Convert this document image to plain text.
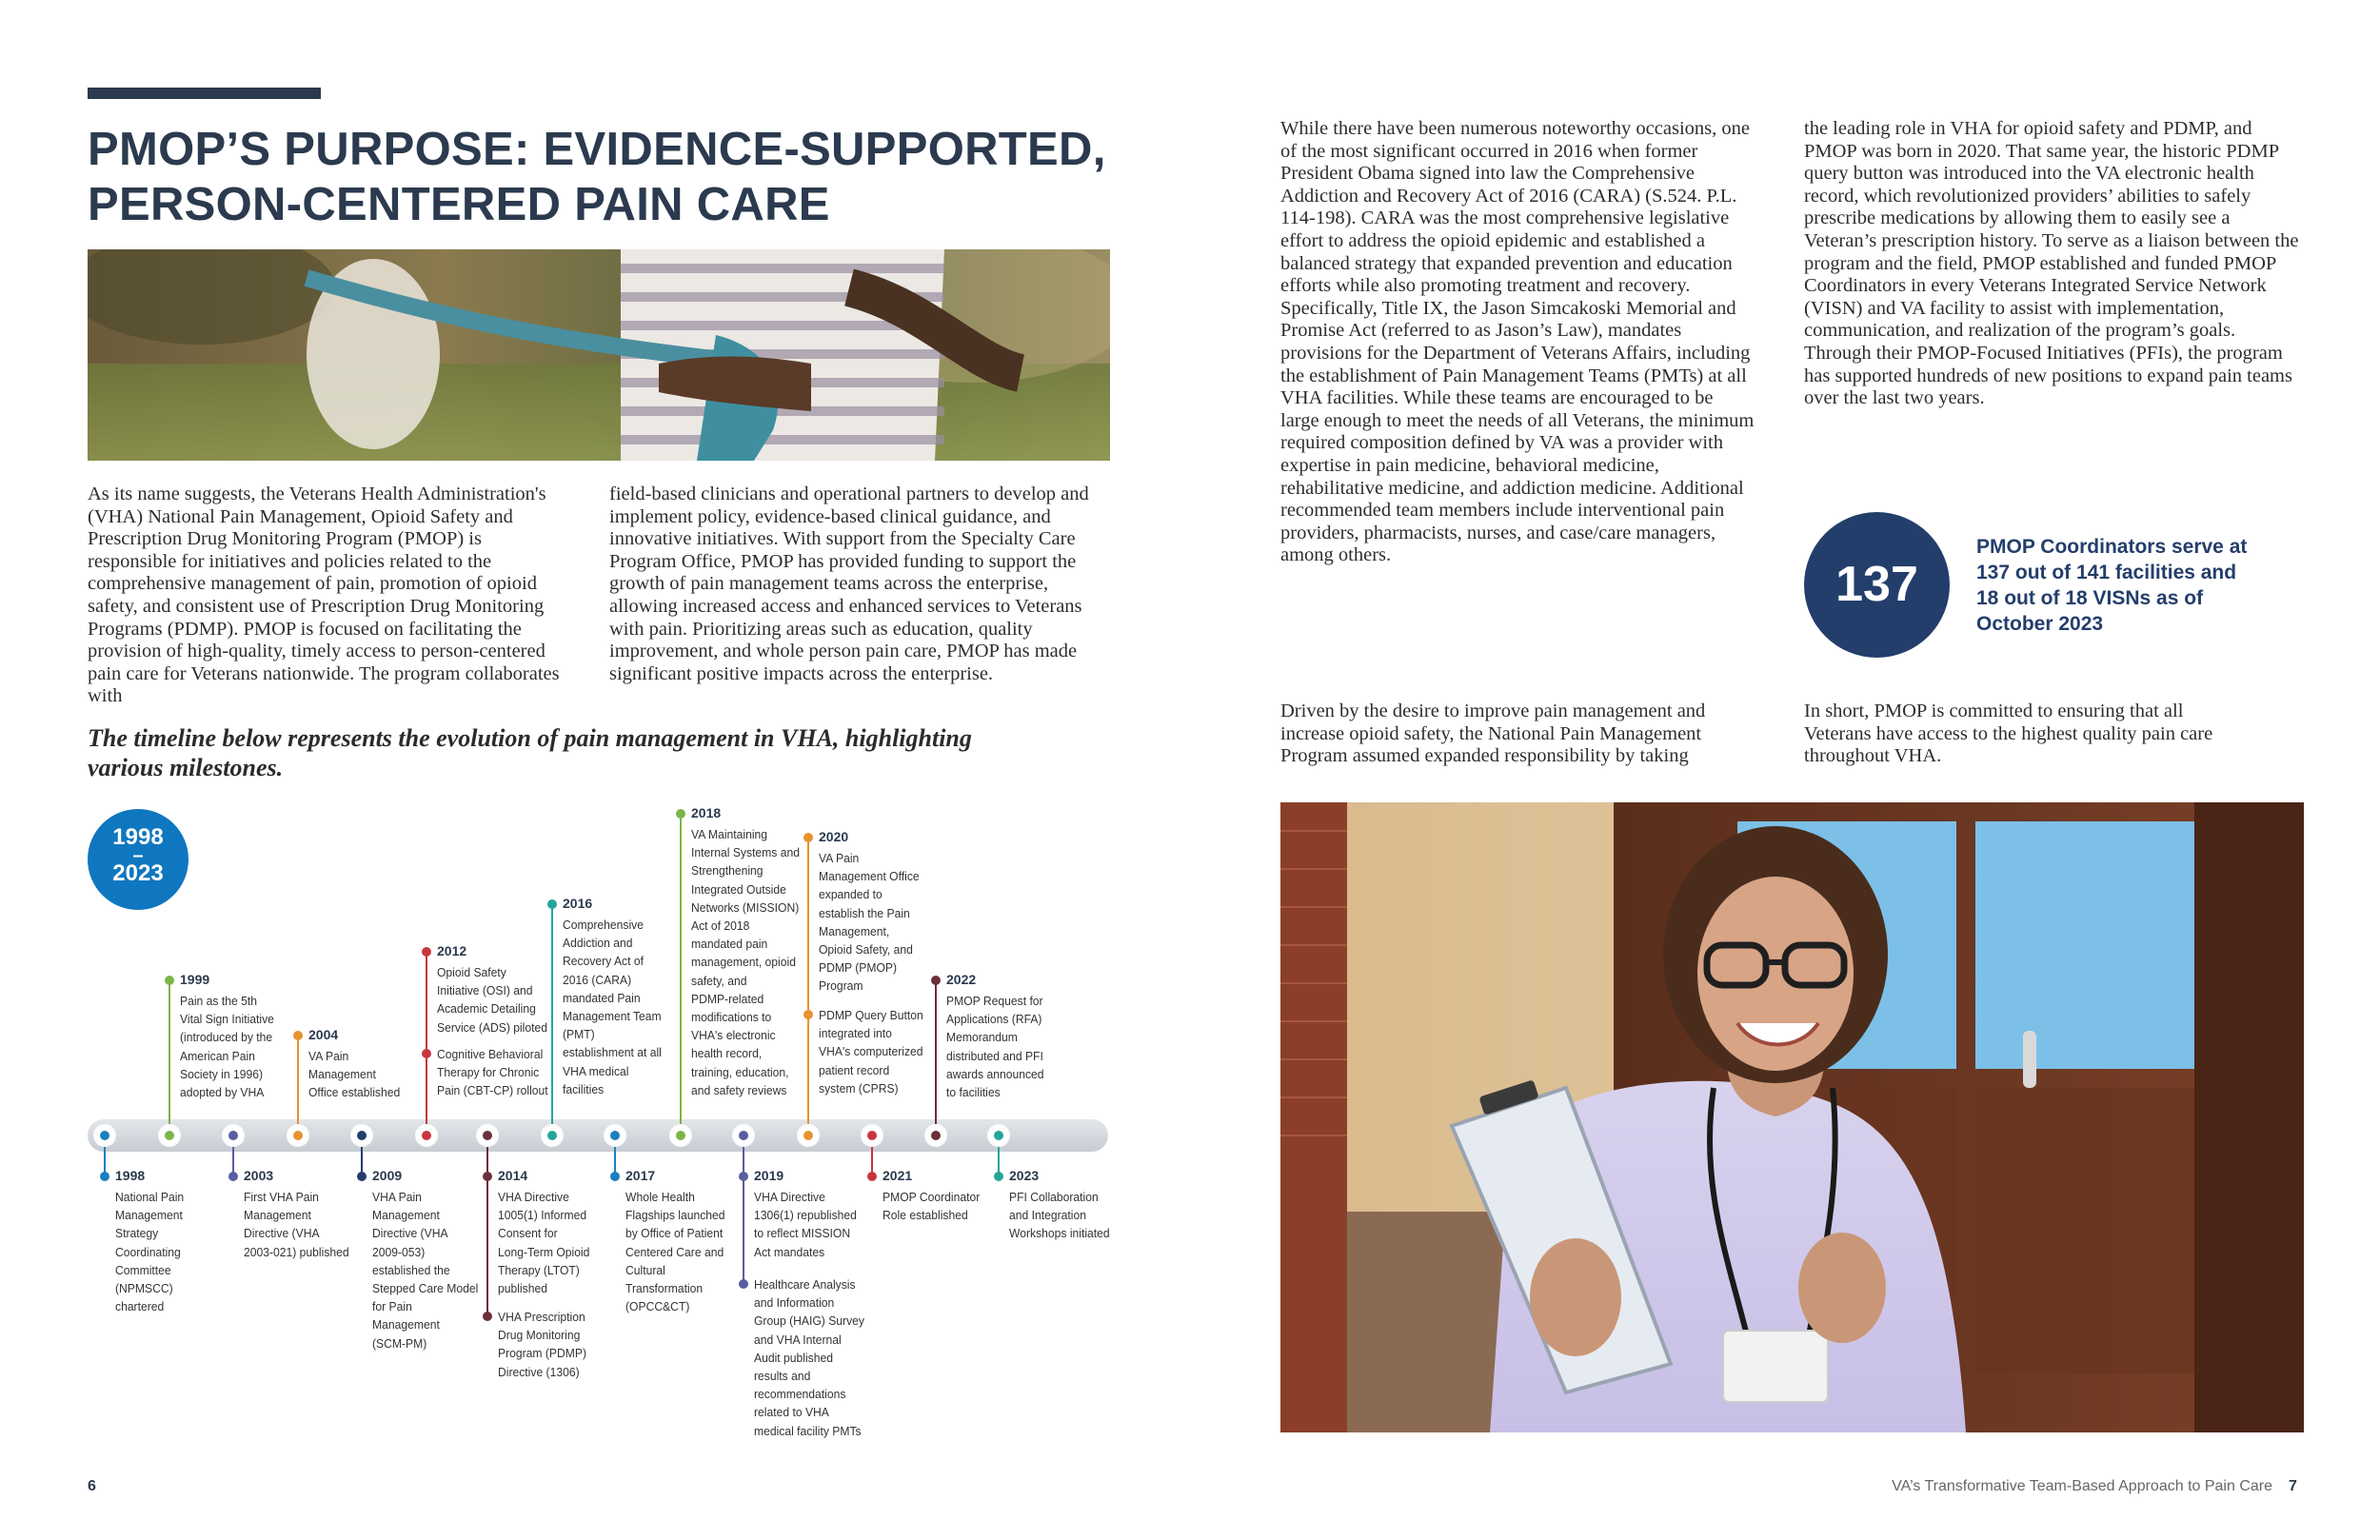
PMOP’S PURPOSE: EVIDENCE-SUPPORTED,
PERSON-CENTERED PAIN CARE

As its name suggests, the Veterans Health Administration's (VHA) National Pain Management, Opioid Safety and Prescription Drug Monitoring Program (PMOP) is responsible for initiatives and policies related to the comprehensive management of pain, promotion of opioid safety, and consistent use of Prescription Drug Monitoring Programs (PDMP). PMOP is focused on facilitating the provision of high-quality, timely access to person-centered pain care for Veterans nationwide. The program collaborates with

field-based clinicians and operational partners to develop and implement policy, evidence-based clinical guidance, and innovative initiatives. With support from the Specialty Care Program Office, PMOP has provided funding to support the growth of pain management teams across the enterprise, allowing increased access and enhanced services to Veterans with pain. Prioritizing areas such as education, quality improvement, and whole person pain care, PMOP has made significant positive impacts across the enterprise.

The timeline below represents the evolution of pain management in VHA, highlighting various milestones.
1998
–
2023
1999
Pain as the 5th
Vital Sign Initiative
(introduced by the
American Pain
Society in 1996)
adopted by VHA
2004
VA Pain
Management
Office established
2012
Opioid Safety
Initiative (OSI) and
Academic Detailing
Service (ADS) piloted
Cognitive Behavioral
Therapy for Chronic
Pain (CBT-CP) rollout
2016
Comprehensive
Addiction and
Recovery Act of
2016 (CARA)
mandated Pain
Management Team
(PMT)
establishment at all
VHA medical
facilities
2018
VA Maintaining
Internal Systems and
Strengthening
Integrated Outside
Networks (MISSION)
Act of 2018
mandated pain
management, opioid
safety, and
PDMP-related
modifications to
VHA's electronic
health record,
training, education,
and safety reviews
2020
VA Pain
Management Office
expanded to
establish the Pain
Management,
Opioid Safety, and
PDMP (PMOP)
Program
PDMP Query Button
integrated into
VHA's computerized
patient record
system (CPRS)
2022
PMOP Request for
Applications (RFA)
Memorandum
distributed and PFI
awards announced
to facilities
1998
National Pain
Management
Strategy
Coordinating
Committee
(NPMSCC)
chartered
2003
First VHA Pain
Management
Directive (VHA
2003-021) published
2009
VHA Pain
Management
Directive (VHA
2009-053)
established the
Stepped Care Model
for Pain
Management
(SCM-PM)
2014
VHA Directive
1005(1) Informed
Consent for
Long-Term Opioid
Therapy (LTOT)
published
VHA Prescription
Drug Monitoring
Program (PDMP)
Directive (1306)
2017
Whole Health
Flagships launched
by Office of Patient
Centered Care and
Cultural
Transformation
(OPCC&CT)
2019
VHA Directive
1306(1) republished
to reflect MISSION
Act mandates
Healthcare Analysis
and Information
Group (HAIG) Survey
and VHA Internal
Audit published
results and
recommendations
related to VHA
medical facility PMTs
2021
PMOP Coordinator
Role established
2023
PFI Collaboration
and Integration
Workshops initiated
6

While there have been numerous noteworthy occasions, one of the most significant occurred in 2016 when former President Obama signed into law the Comprehensive Addiction and Recovery Act of 2016 (CARA) (S.524. P.L. 114-198). CARA was the most comprehensive legislative effort to address the opioid epidemic and established a balanced strategy that expanded prevention and education efforts while also promoting treatment and recovery. Specifically, Title IX, the Jason Simcakoski Memorial and Promise Act (referred to as Jason’s Law), mandates provisions for the Department of Veterans Affairs, including the establishment of Pain Management Teams (PMTs) at all VHA facilities. While these teams are encouraged to be large enough to meet the needs of all Veterans, the minimum required composition defined by VA was a provider with expertise in pain medicine, behavioral medicine, rehabilitative medicine, and addiction medicine. Additional recommended team members include interventional pain providers, pharmacists, nurses, and case/care managers, among others.

Driven by the desire to improve pain management and increase opioid safety, the National Pain Management Program assumed expanded responsibility by taking

the leading role in VHA for opioid safety and PDMP, and PMOP was born in 2020. That same year, the historic PDMP query button was introduced into the VA electronic health record, which revolutionized providers’ abilities to safely prescribe medications by allowing them to easily see a Veteran’s prescription history. To serve as a liaison between the program and the field, PMOP established and funded PMOP Coordinators in every Veterans Integrated Service Network (VISN) and VA facility to assist with implementation, communication, and realization of the program’s goals. Through their PMOP-Focused Initiatives (PFIs), the program has supported hundreds of new positions to expand pain teams over the last two years.

137
PMOP Coordinators serve at 137 out of 141 facilities and 18 out of 18 VISNs as of October 2023

In short, PMOP is committed to ensuring that all Veterans have access to the highest quality pain care throughout VHA.

VA’s Transformative Team-Based Approach to Pain Care 7
